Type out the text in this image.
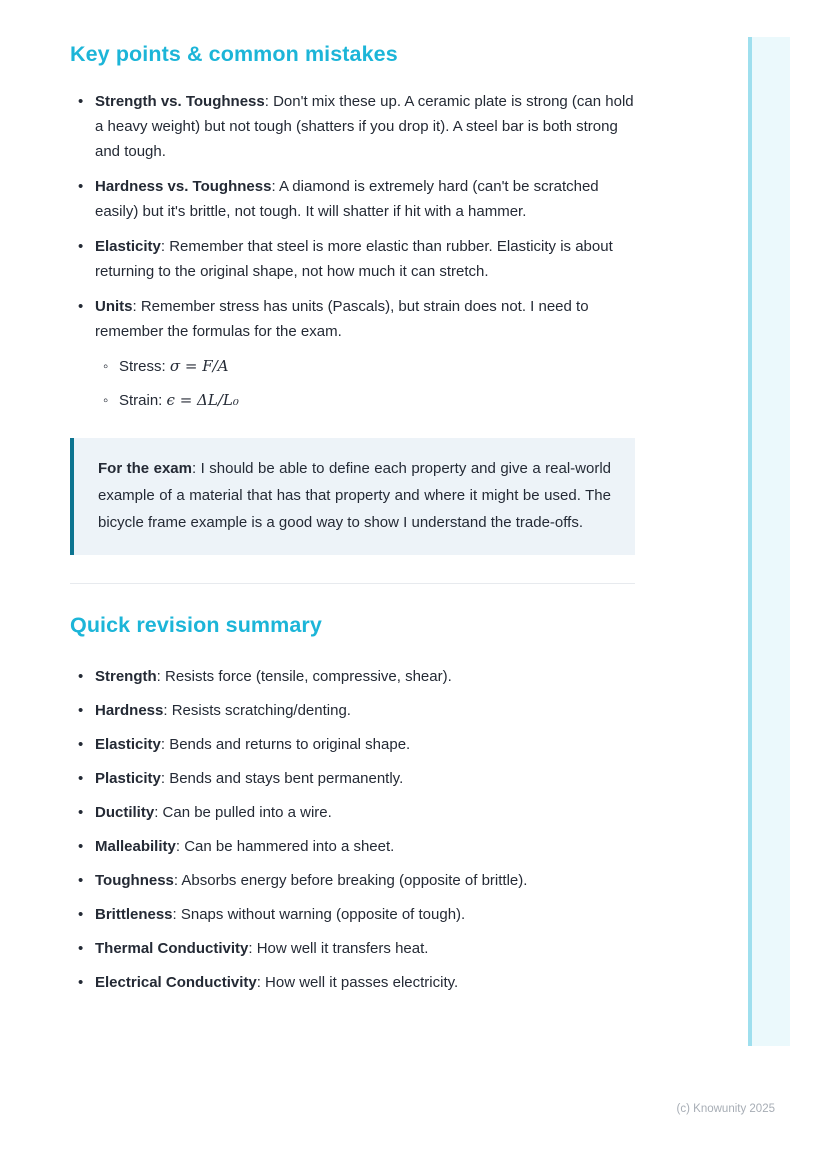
Key points & common mistakes
• Strength vs. Toughness: Don't mix these up. A ceramic plate is strong (can hold a heavy weight) but not tough (shatters if you drop it). A steel bar is both strong and tough.
• Hardness vs. Toughness: A diamond is extremely hard (can't be scratched easily) but it's brittle, not tough. It will shatter if hit with a hammer.
• Elasticity: Remember that steel is more elastic than rubber. Elasticity is about returning to the original shape, not how much it can stretch.
• Units: Remember stress has units (Pascals), but strain does not. I need to remember the formulas for the exam.
◦ Stress: σ = F/A
◦ Strain: ϵ = ΔL/L₀
For the exam: I should be able to define each property and give a real-world example of a material that has that property and where it might be used. The bicycle frame example is a good way to show I understand the trade-offs.
Quick revision summary
• Strength: Resists force (tensile, compressive, shear).
• Hardness: Resists scratching/denting.
• Elasticity: Bends and returns to original shape.
• Plasticity: Bends and stays bent permanently.
• Ductility: Can be pulled into a wire.
• Malleability: Can be hammered into a sheet.
• Toughness: Absorbs energy before breaking (opposite of brittle).
• Brittleness: Snaps without warning (opposite of tough).
• Thermal Conductivity: How well it transfers heat.
• Electrical Conductivity: How well it passes electricity.
(c) Knowunity 2025
